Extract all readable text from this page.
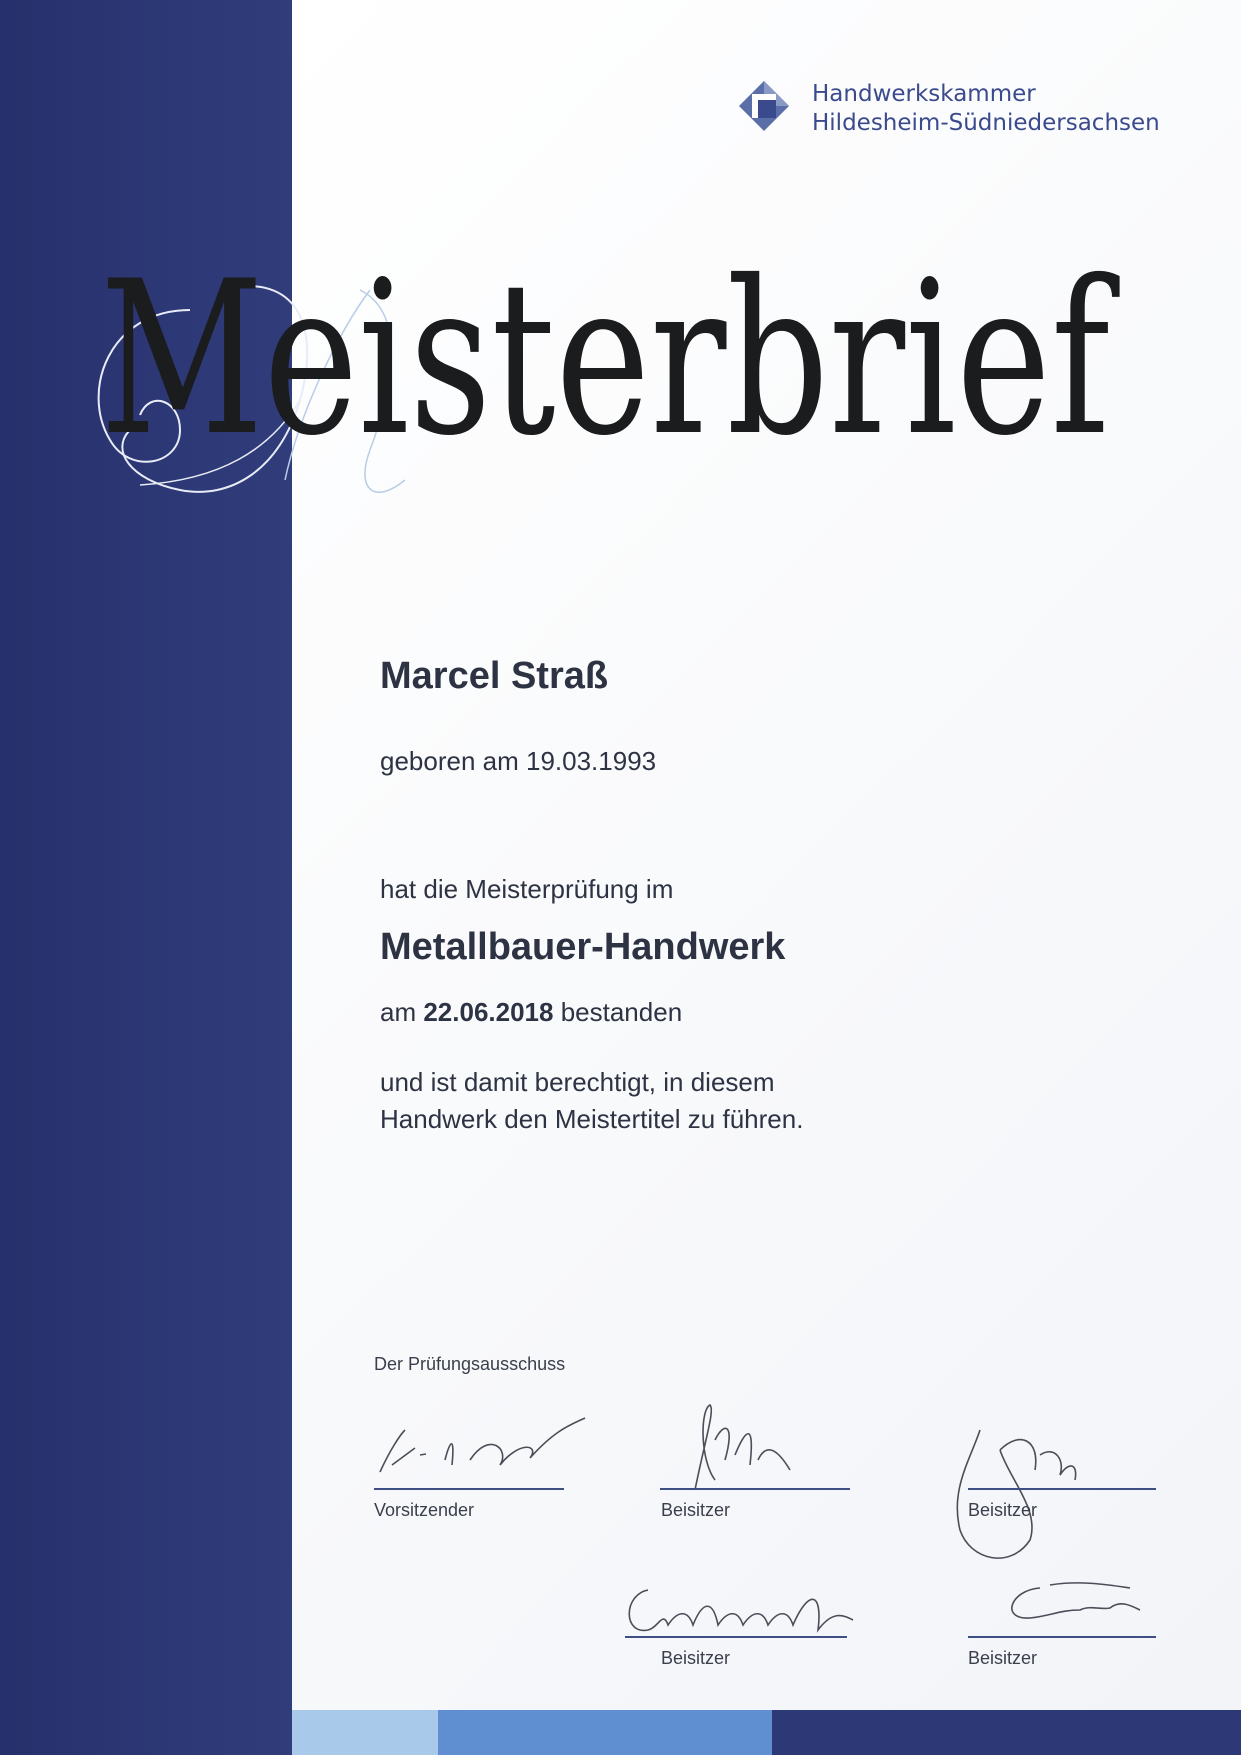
Handwerkskammer
Hildesheim-Südniedersachsen
Meisterbrief
Marcel Straß
geboren am 19.03.1993
hat die Meisterprüfung im
Metallbauer-Handwerk
am 22.06.2018 bestanden
und ist damit berechtigt, in diesem
Handwerk den Meistertitel zu führen.
Der Prüfungsausschuss
Vorsitzender	Beisitzer	Beisitzer
Beisitzer	Beisitzer
